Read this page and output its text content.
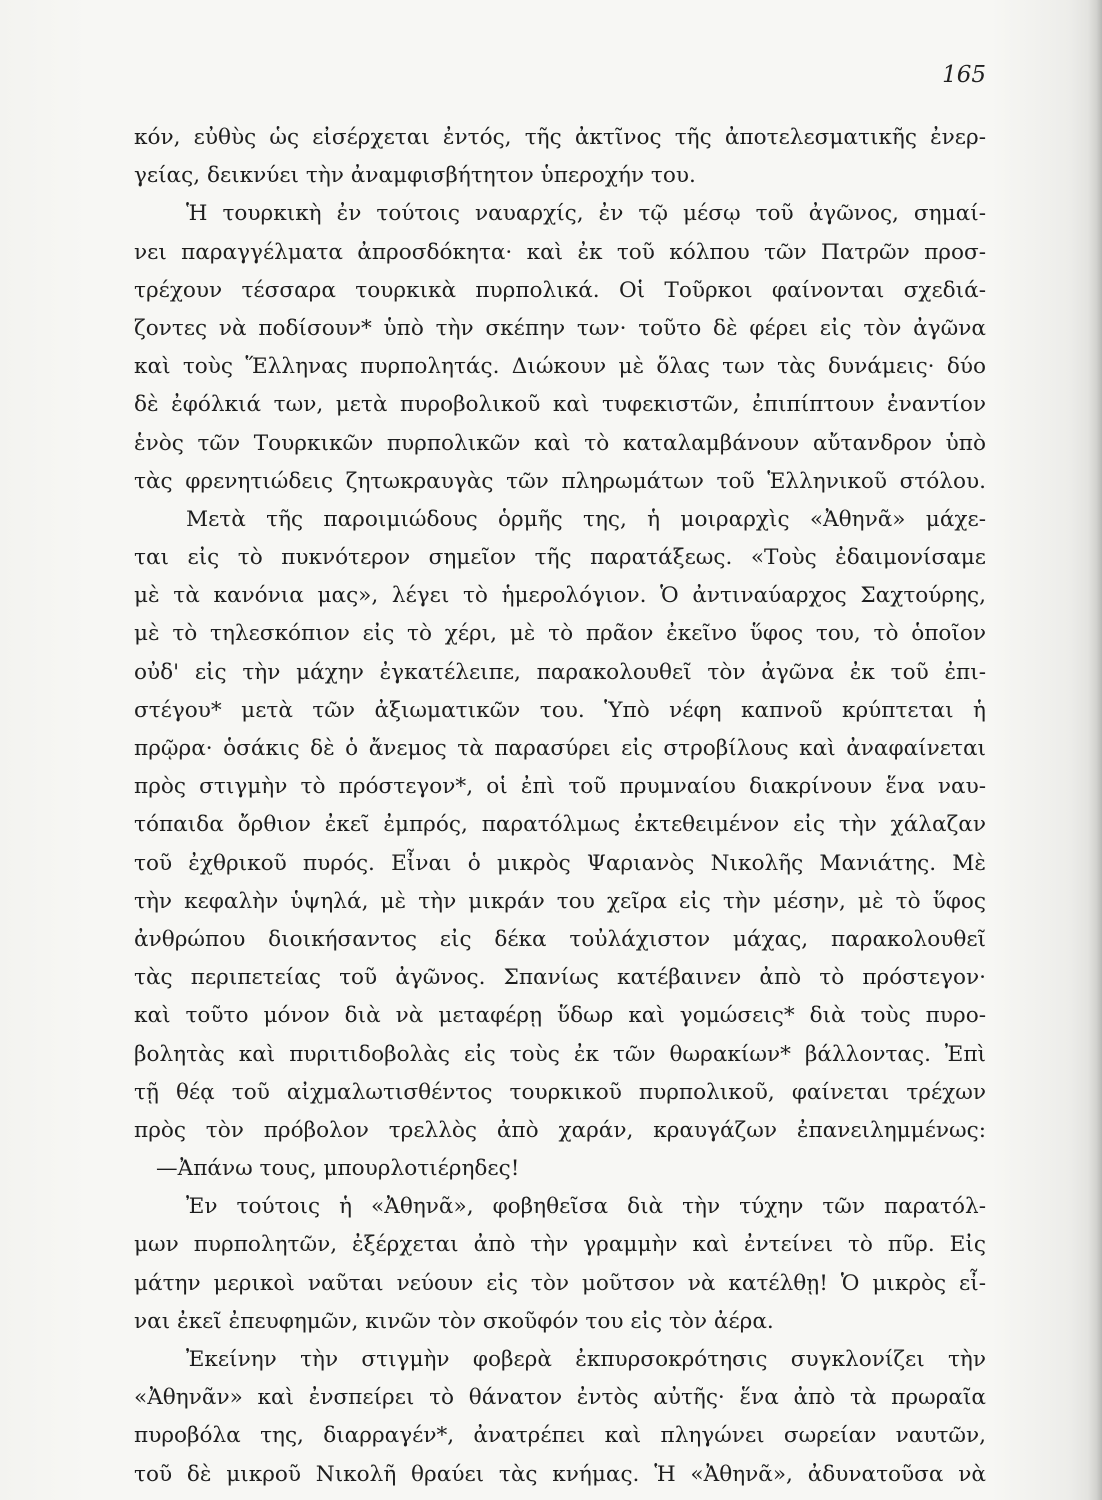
165
κόν, εὐθὺς ὡς εἰσέρχεται ἐντός, τῆς ἀκτῖνος τῆς ἀποτελεσματικῆς ἐνερ-
γείας, δεικνύει τὴν ἀναμφισβήτητον ὑπεροχήν του.
Ἡ τουρκικὴ ἐν τούτοις ναυαρχίς, ἐν τῷ μέσῳ τοῦ ἀγῶνος, σημαί-
νει παραγγέλματα ἀπροσδόκητα· καὶ ἐκ τοῦ κόλπου τῶν Πατρῶν προσ-
τρέχουν τέσσαρα τουρκικὰ πυρπολικά. Οἱ Τοῦρκοι φαίνονται σχεδιά-
ζοντες νὰ ποδίσουν* ὑπὸ τὴν σκέπην των· τοῦτο δὲ φέρει εἰς τὸν ἀγῶνα
καὶ τοὺς Ἕλληνας πυρπολητάς. Διώκουν μὲ ὅλας των τὰς δυνάμεις· δύο
δὲ ἐφόλκιά των, μετὰ πυροβολικοῦ καὶ τυφεκιστῶν, ἐπιπίπτουν ἐναντίον
ἑνὸς τῶν Τουρκικῶν πυρπολικῶν καὶ τὸ καταλαμβάνουν αὔτανδρον ὑπὸ
τὰς φρενητιώδεις ζητωκραυγὰς τῶν πληρωμάτων τοῦ Ἑλληνικοῦ στόλου.
Μετὰ τῆς παροιμιώδους ὁρμῆς της, ἡ μοιραρχὶς «Ἀθηνᾶ» μάχε-
ται εἰς τὸ πυκνότερον σημεῖον τῆς παρατάξεως. «Τοὺς ἐδαιμονίσαμε
μὲ τὰ κανόνια μας», λέγει τὸ ἡμερολόγιον. Ὁ ἀντιναύαρχος Σαχτούρης,
μὲ τὸ τηλεσκόπιον εἰς τὸ χέρι, μὲ τὸ πρᾶον ἐκεῖνο ὕφος του, τὸ ὁποῖον
οὐδ' εἰς τὴν μάχην ἐγκατέλειπε, παρακολουθεῖ τὸν ἀγῶνα ἐκ τοῦ ἐπι-
στέγου* μετὰ τῶν ἀξιωματικῶν του. Ὑπὸ νέφη καπνοῦ κρύπτεται ἡ
πρῷρα· ὁσάκις δὲ ὁ ἄνεμος τὰ παρασύρει εἰς στροβίλους καὶ ἀναφαίνεται
πρὸς στιγμὴν τὸ πρόστεγον*, οἱ ἐπὶ τοῦ πρυμναίου διακρίνουν ἕνα ναυ-
τόπαιδα ὄρθιον ἐκεῖ ἐμπρός, παρατόλμως ἐκτεθειμένον εἰς τὴν χάλαζαν
τοῦ ἐχθρικοῦ πυρός. Εἶναι ὁ μικρὸς Ψαριανὸς Νικολῆς Μανιάτης. Μὲ
τὴν κεφαλὴν ὑψηλά, μὲ τὴν μικράν του χεῖρα εἰς τὴν μέσην, μὲ τὸ ὕφος
ἀνθρώπου διοικήσαντος εἰς δέκα τοὐλάχιστον μάχας, παρακολουθεῖ
τὰς περιπετείας τοῦ ἀγῶνος. Σπανίως κατέβαινεν ἀπὸ τὸ πρόστεγον·
καὶ τοῦτο μόνον διὰ νὰ μεταφέρῃ ὕδωρ καὶ γομώσεις* διὰ τοὺς πυρο-
βολητὰς καὶ πυριτιδοβολὰς εἰς τοὺς ἐκ τῶν θωρακίων* βάλλοντας. Ἐπὶ
τῇ θέᾳ τοῦ αἰχμαλωτισθέντος τουρκικοῦ πυρπολικοῦ, φαίνεται τρέχων
πρὸς τὸν πρόβολον τρελλὸς ἀπὸ χαράν, κραυγάζων ἐπανειλημμένως:
—Ἀπάνω τους, μπουρλοτιέρηδες!
Ἐν τούτοις ἡ «Ἀθηνᾶ», φοβηθεῖσα διὰ τὴν τύχην τῶν παρατόλ-
μων πυρπολητῶν, ἐξέρχεται ἀπὸ τὴν γραμμὴν καὶ ἐντείνει τὸ πῦρ. Εἰς
μάτην μερικοὶ ναῦται νεύουν εἰς τὸν μοῦτσον νὰ κατέλθῃ! Ὁ μικρὸς εἶ-
ναι ἐκεῖ ἐπευφημῶν, κινῶν τὸν σκοῦφόν του εἰς τὸν ἀέρα.
Ἐκείνην τὴν στιγμὴν φοβερὰ ἐκπυρσοκρότησις συγκλονίζει τὴν
«Ἀθηνᾶν» καὶ ἐνσπείρει τὸ θάνατον ἐντὸς αὐτῆς· ἕνα ἀπὸ τὰ πρωραῖα
πυροβόλα της, διαρραγέν*, ἀνατρέπει καὶ πληγώνει σωρείαν ναυτῶν,
τοῦ δὲ μικροῦ Νικολῆ θραύει τὰς κνήμας. Ἡ «Ἀθηνᾶ», ἀδυνατοῦσα νὰ
